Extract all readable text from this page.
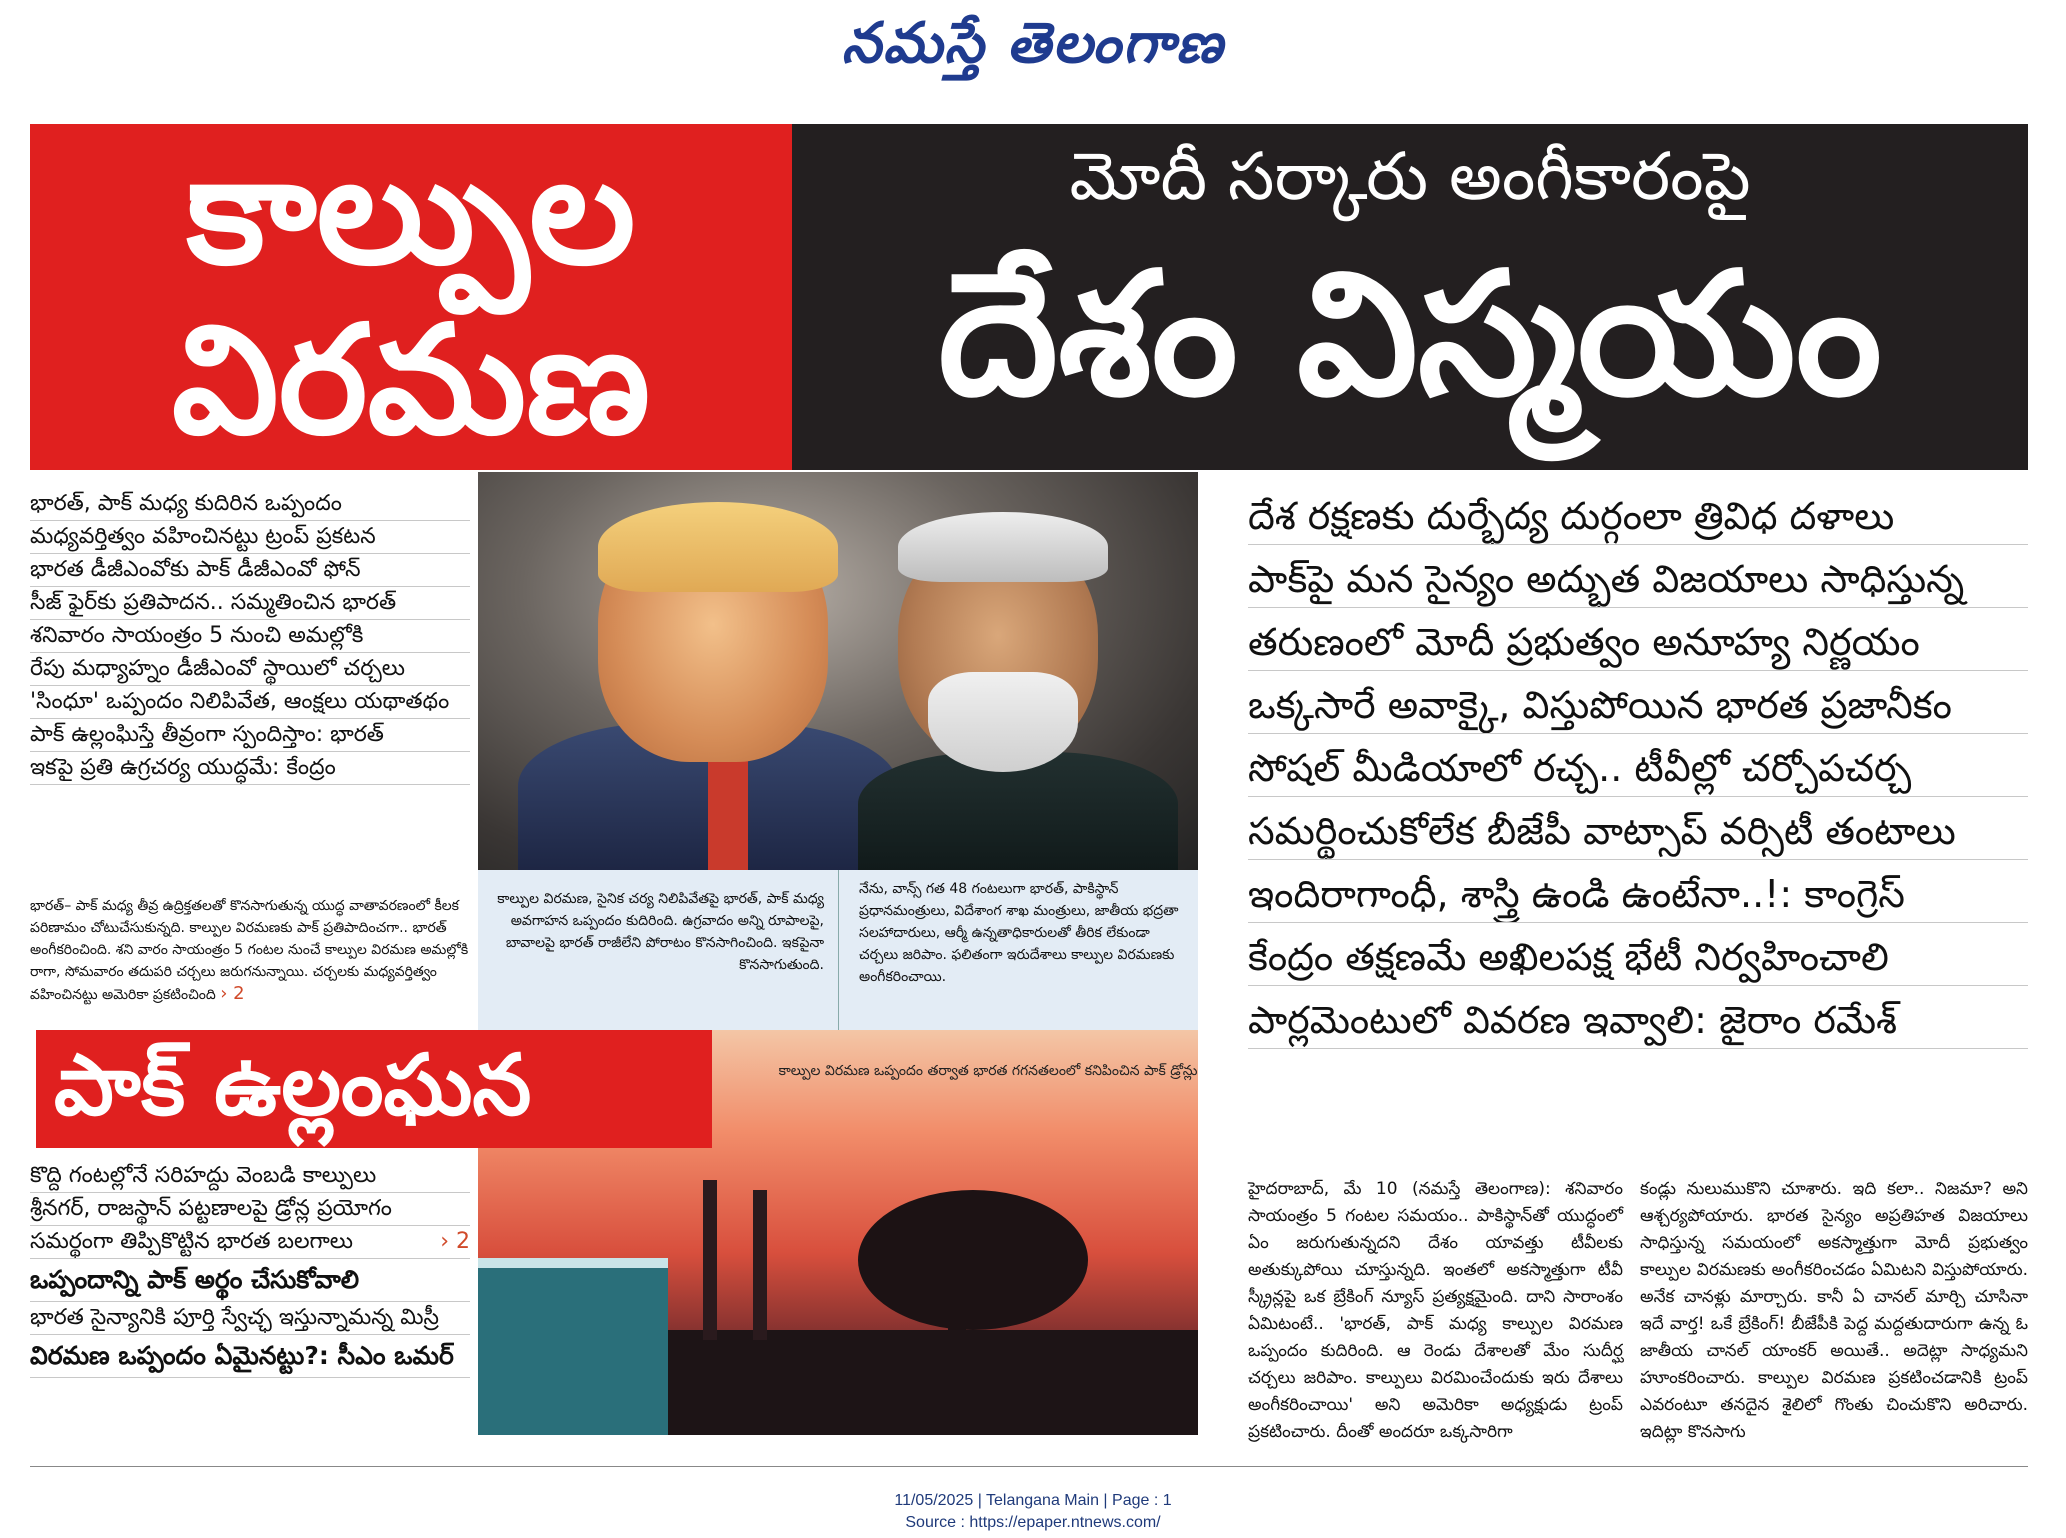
నమస్తే తెలంగాణ
కాల్పుల
విరమణ
మోదీ సర్కారు అంగీకారంపై
దేశం విస్మయం
భారత్, పాక్ మధ్య కుదిరిన ఒప్పందం
మధ్యవర్తిత్వం వహించినట్టు ట్రంప్ ప్రకటన
భారత డీజీఎంవోకు పాక్ డీజీఎంవో ఫోన్
సీజ్ ఫైర్‌కు ప్రతిపాదన.. సమ్మతించిన భారత్
శనివారం సాయంత్రం 5 నుంచి అమల్లోకి
రేపు మధ్యాహ్నం డీజీఎంవో స్థాయిలో చర్చలు
'సింధూ' ఒప్పందం నిలిపివేత, ఆంక్షలు యథాతథం
పాక్ ఉల్లంఘిస్తే తీవ్రంగా స్పందిస్తాం: భారత్
ఇకపై ప్రతి ఉగ్రచర్య యుద్ధమే: కేంద్రం
భారత్‌– పాక్ మధ్య తీవ్ర ఉద్రిక్తతలతో కొనసాగుతున్న యుద్ధ వాతావరణంలో కీలక పరిణామం చోటుచేసుకున్నది. కాల్పుల విరమణకు పాక్ ప్రతిపాదించగా.. భారత్ అంగీకరించింది. శని వారం సాయంత్రం 5 గంటల నుంచే కాల్పుల విరమణ అమల్లోకి రాగా, సోమవారం తదుపరి చర్చలు జరుగనున్నాయి. చర్చలకు మధ్యవర్తిత్వం వహించినట్టు అమెరికా ప్రకటించింది › 2
కాల్పుల విరమణ, సైనిక చర్య నిలిపివేతపై భారత్, పాక్ మధ్య అవగాహన ఒప్పందం కుదిరింది. ఉగ్రవాదం అన్ని రూపాలపై, బావాలపై భారత్ రాజీలేని పోరాటం కొనసాగించింది. ఇకపైనా కొనసాగుతుంది.
నేను, వాన్స్ గత 48 గంటలుగా భారత్, పాకిస్థాన్ ప్రధానమంత్రులు, విదేశాంగ శాఖ మంత్రులు, జాతీయ భద్రతా సలహాదారులు, ఆర్మీ ఉన్నతాధికారులతో తీరిక లేకుండా చర్చలు జరిపాం. ఫలితంగా ఇరుదేశాలు కాల్పుల విరమణకు అంగీకరించాయి.
కాల్పుల విరమణ ఒప్పందం తర్వాత భారత గగనతలంలో కనిపించిన పాక్ డ్రోన్లు
పాక్ ఉల్లంఘన
కొద్ది గంటల్లోనే సరిహద్దు వెంబడి కాల్పులు
శ్రీనగర్, రాజస్థాన్ పట్టణాలపై డ్రోన్ల ప్రయోగం
సమర్థంగా తిప్పికొట్టిన భారత బలగాలు	› 2
ఒప్పందాన్ని పాక్ అర్థం చేసుకోవాలి
భారత సైన్యానికి పూర్తి స్వేచ్ఛ ఇస్తున్నామన్న మిస్రీ
విరమణ ఒప్పందం ఏమైనట్టు?: సీఎం ఒమర్
దేశ రక్షణకు దుర్భేద్య దుర్గంలా త్రివిధ దళాలు
పాక్‌పై మన సైన్యం అద్భుత విజయాలు సాధిస్తున్న
తరుణంలో మోదీ ప్రభుత్వం అనూహ్య నిర్ణయం
ఒక్కసారే అవాక్కై, విస్తుపోయిన భారత ప్రజానీకం
సోషల్ మీడియాలో రచ్చ.. టీవీల్లో చర్చోపచర్చ
సమర్థించుకోలేక బీజేపీ వాట్సాప్ వర్సిటీ తంటాలు
ఇందిరాగాంధీ, శాస్త్రి ఉండి ఉంటేనా..!: కాంగ్రెస్
కేంద్రం తక్షణమే అఖిలపక్ష భేటీ నిర్వహించాలి
పార్లమెంటులో వివరణ ఇవ్వాలి: జైరాం రమేశ్
హైదరాబాద్, మే 10 (నమస్తే తెలంగాణ): శనివారం సాయంత్రం 5 గంటల సమయం.. పాకిస్థాన్‌తో యుద్ధంలో ఏం జరుగుతున్నదని దేశం యావత్తు టీవీలకు అతుక్కుపోయి చూస్తున్నది. ఇంతలో అకస్మాత్తుగా టీవీ స్క్రీన్లపై ఒక బ్రేకింగ్ న్యూస్ ప్రత్యక్షమైంది. దాని సారాంశం ఏమిటంటే.. 'భారత్, పాక్ మధ్య కాల్పుల విరమణ ఒప్పందం కుదిరింది. ఆ రెండు దేశాలతో మేం సుదీర్ఘ చర్చలు జరిపాం. కాల్పులు విరమించేందుకు ఇరు దేశాలు అంగీకరించాయి' అని అమెరికా అధ్యక్షుడు ట్రంప్ ప్రకటించారు. దీంతో అందరూ ఒక్కసారిగా
కండ్లు నులుముకొని చూశారు. ఇది కలా.. నిజమా? అని ఆశ్చర్యపోయారు. భారత సైన్యం అప్రతిహత విజయాలు సాధిస్తున్న సమయంలో అకస్మాత్తుగా మోదీ ప్రభుత్వం కాల్పుల విరమణకు అంగీకరించడం ఏమిటని విస్తుపోయారు. అనేక చానళ్లు మార్చారు. కానీ ఏ చానల్ మార్చి చూసినా ఇదే వార్త! ఒకే బ్రేకింగ్! బీజేపీకి పెద్ద మద్దతుదారుగా ఉన్న ఓ జాతీయ చానల్ యాంకర్ అయితే.. అదెట్లా సాధ్యమని హూంకరించారు. కాల్పుల విరమణ ప్రకటించడానికి ట్రంప్ ఎవరంటూ తనదైన శైలిలో గొంతు చించుకొని అరిచారు. ఇదిట్లా కొనసాగు
11/05/2025 | Telangana Main | Page : 1
Source : https://epaper.ntnews.com/
